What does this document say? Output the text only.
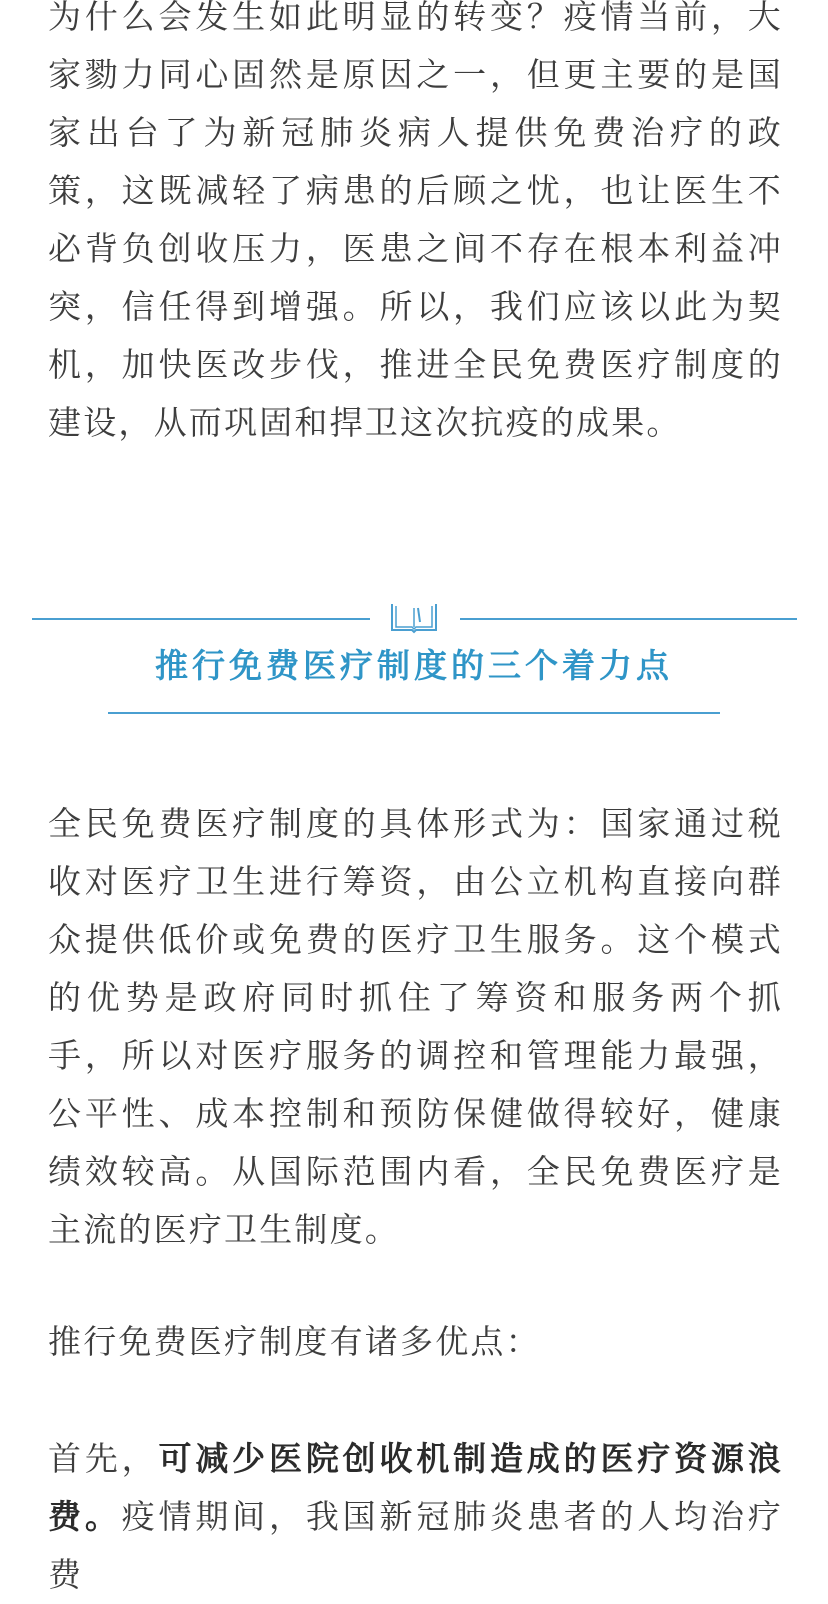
为什么会发生如此明显的转变？疫情当前，大家勠力同心固然是原因之一，但更主要的是国家出台了为新冠肺炎病人提供免费治疗的政策，这既减轻了病患的后顾之忧，也让医生不必背负创收压力，医患之间不存在根本利益冲突，信任得到增强。所以，我们应该以此为契机，加快医改步伐，推进全民免费医疗制度的建设，从而巩固和捍卫这次抗疫的成果。

推行免费医疗制度的三个着力点

全民免费医疗制度的具体形式为：国家通过税收对医疗卫生进行筹资，由公立机构直接向群众提供低价或免费的医疗卫生服务。这个模式的优势是政府同时抓住了筹资和服务两个抓手，所以对医疗服务的调控和管理能力最强，公平性、成本控制和预防保健做得较好，健康绩效较高。从国际范围内看，全民免费医疗是主流的医疗卫生制度。

推行免费医疗制度有诸多优点：

首先，可减少医院创收机制造成的医疗资源浪费。疫情期间，我国新冠肺炎患者的人均治疗费
